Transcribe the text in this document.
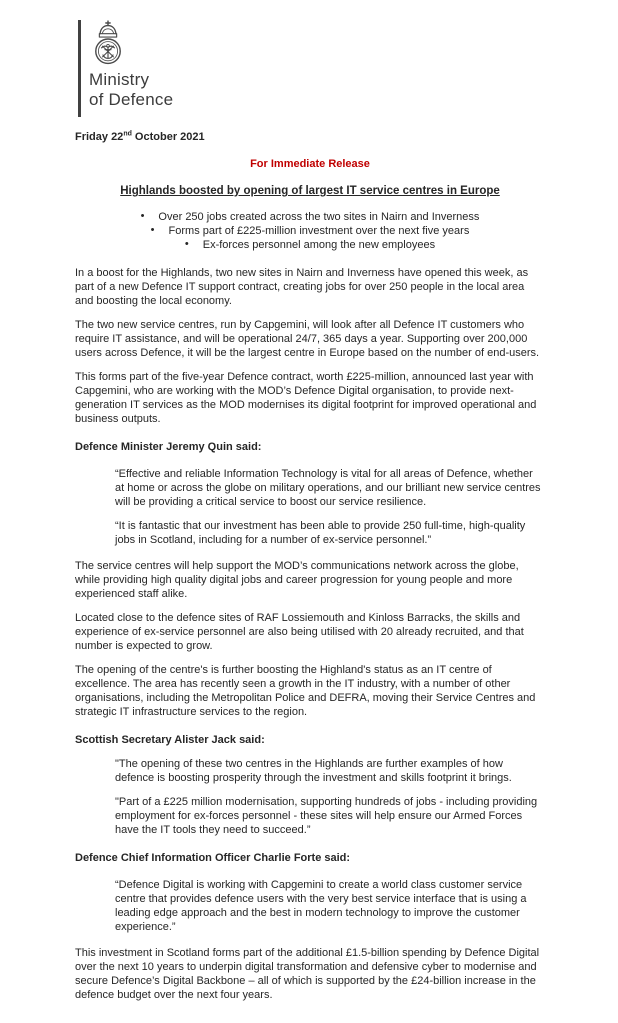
Ministry
of Defence

Friday 22nd October 2021

For Immediate Release

Highlands boosted by opening of largest IT service centres in Europe
• Over 250 jobs created across the two sites in Nairn and Inverness
• Forms part of £225-million investment over the next five years
• Ex-forces personnel among the new employees

In a boost for the Highlands, two new sites in Nairn and Inverness have opened this week, as part of a new Defence IT support contract, creating jobs for over 250 people in the local area and boosting the local economy.

The two new service centres, run by Capgemini, will look after all Defence IT customers who require IT assistance, and will be operational 24/7, 365 days a year. Supporting over 200,000 users across Defence, it will be the largest centre in Europe based on the number of end-users.

This forms part of the five-year Defence contract, worth £225-million, announced last year with Capgemini, who are working with the MOD’s Defence Digital organisation, to provide next-generation IT services as the MOD modernises its digital footprint for improved operational and business outputs.

Defence Minister Jeremy Quin said:

“Effective and reliable Information Technology is vital for all areas of Defence, whether at home or across the globe on military operations, and our brilliant new service centres will be providing a critical service to boost our service resilience.

“It is fantastic that our investment has been able to provide 250 full-time, high-quality jobs in Scotland, including for a number of ex-service personnel.”

The service centres will help support the MOD’s communications network across the globe, while providing high quality digital jobs and career progression for young people and more experienced staff alike.

Located close to the defence sites of RAF Lossiemouth and Kinloss Barracks, the skills and experience of ex-service personnel are also being utilised with 20 already recruited, and that number is expected to grow.

The opening of the centre's is further boosting the Highland's status as an IT centre of excellence. The area has recently seen a growth in the IT industry, with a number of other organisations, including the Metropolitan Police and DEFRA, moving their Service Centres and strategic IT infrastructure services to the region.

Scottish Secretary Alister Jack said:

"The opening of these two centres in the Highlands are further examples of how defence is boosting prosperity through the investment and skills footprint it brings.

"Part of a £225 million modernisation, supporting hundreds of jobs - including providing employment for ex-forces personnel - these sites will help ensure our Armed Forces have the IT tools they need to succeed.”

Defence Chief Information Officer Charlie Forte said:

“Defence Digital is working with Capgemini to create a world class customer service centre that provides defence users with the very best service interface that is using a leading edge approach and the best in modern technology to improve the customer experience.”

This investment in Scotland forms part of the additional £1.5-billion spending by Defence Digital over the next 10 years to underpin digital transformation and defensive cyber to modernise and secure Defence’s Digital Backbone – all of which is supported by the £24-billion increase in the defence budget over the next four years.
